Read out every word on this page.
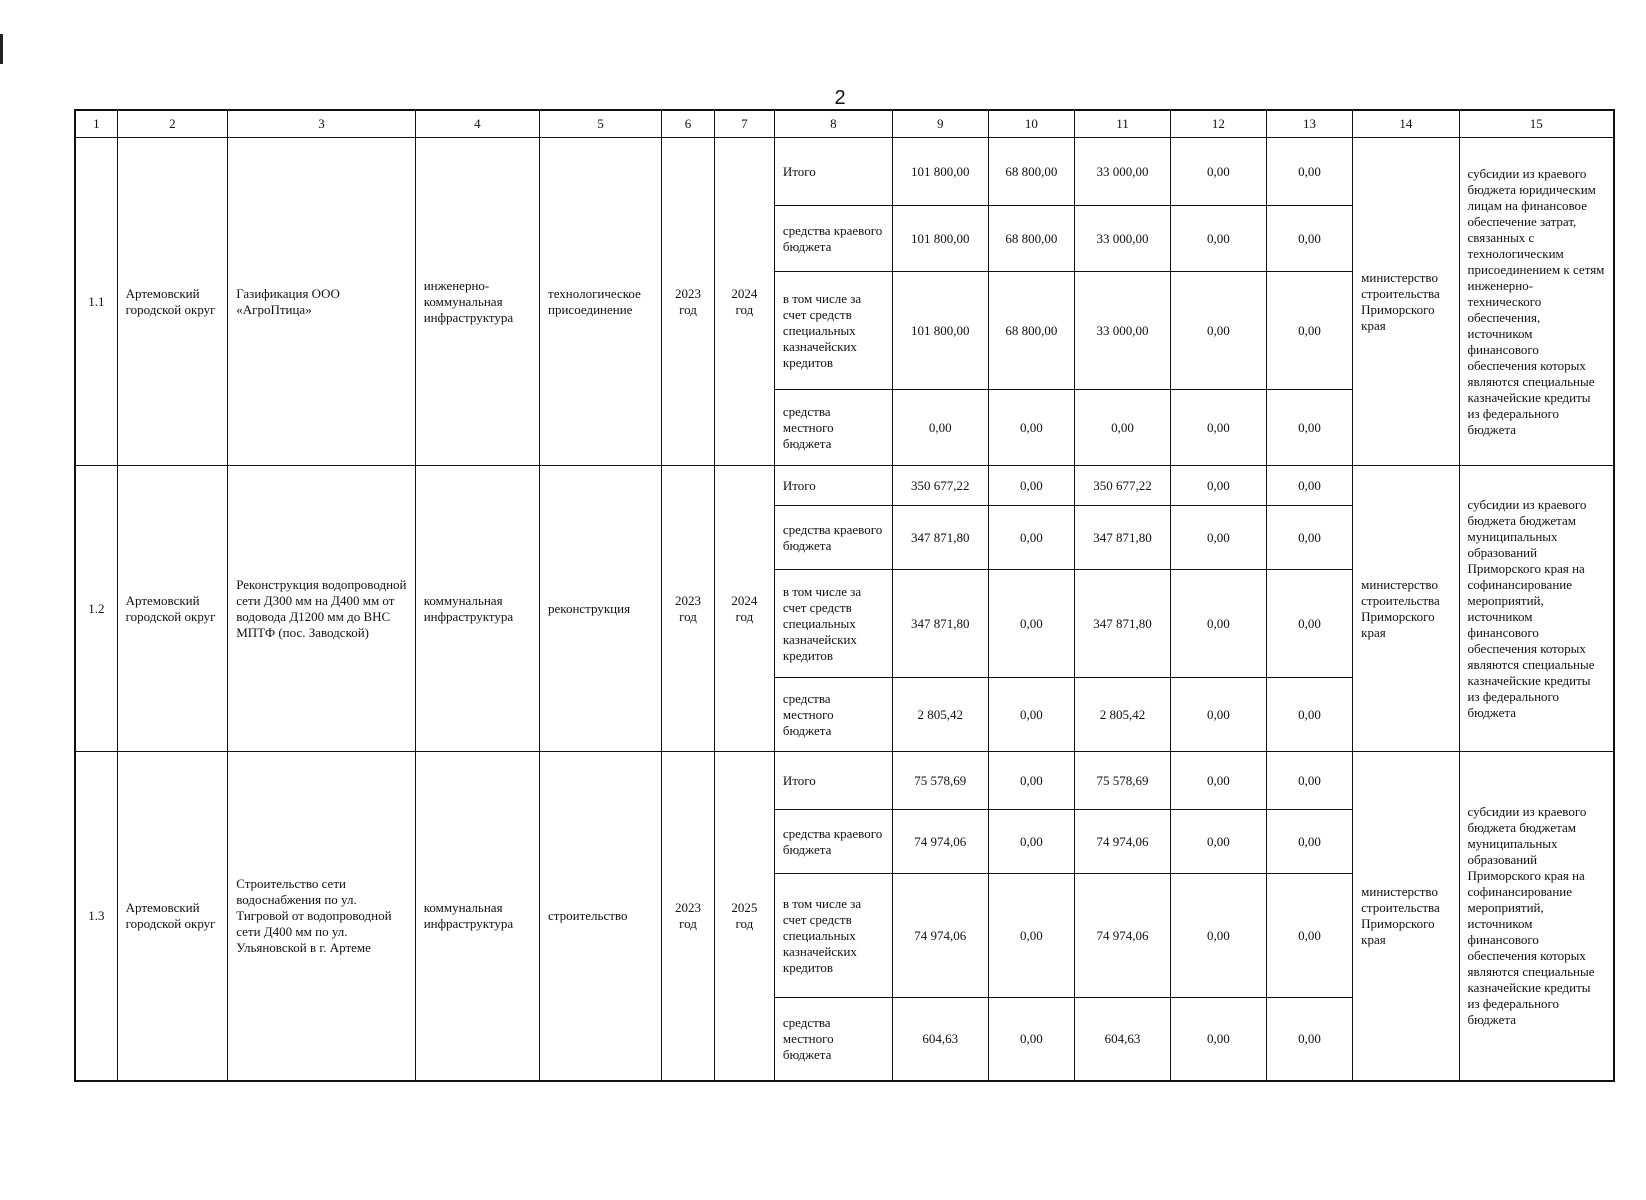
2
1	2	3	4	5	6	7	8	9	10	11	12	13	14	15
1.1	Артемовский городской округ	Газификация ООО «АгроПтица»	инженерно-коммунальная инфраструктура	технологическое присоединение	2023 год	2024 год	Итого	101 800,00	68 800,00	33 000,00	0,00	0,00	министерство строительства Приморского края	субсидии из краевого бюджета юридическим лицам на финансовое обеспечение затрат, связанных с технологическим присоединением к сетям инженерно-технического обеспечения, источником финансового обеспечения которых являются специальные казначейские кредиты из федерального бюджета
							средства краевого бюджета	101 800,00	68 800,00	33 000,00	0,00	0,00		
							в том числе за счет средств специальных казначейских кредитов	101 800,00	68 800,00	33 000,00	0,00	0,00		
							средства местного бюджета	0,00	0,00	0,00	0,00	0,00		
1.2	Артемовский городской округ	Реконструкция водопроводной сети Д300 мм на Д400 мм от водовода Д1200 мм до ВНС МПТФ (пос. Заводской)	коммунальная инфраструктура	реконструкция	2023 год	2024 год	Итого	350 677,22	0,00	350 677,22	0,00	0,00	министерство строительства Приморского края	субсидии из краевого бюджета бюджетам муниципальных образований Приморского края на софинансирование мероприятий, источником финансового обеспечения которых являются специальные казначейские кредиты из федерального бюджета
							средства краевого бюджета	347 871,80	0,00	347 871,80	0,00	0,00		
							в том числе за счет средств специальных казначейских кредитов	347 871,80	0,00	347 871,80	0,00	0,00		
							средства местного бюджета	2 805,42	0,00	2 805,42	0,00	0,00		
1.3	Артемовский городской округ	Строительство сети водоснабжения по ул. Тигровой от водопроводной сети Д400 мм по ул. Ульяновской в г. Артеме	коммунальная инфраструктура	строительство	2023 год	2025 год	Итого	75 578,69	0,00	75 578,69	0,00	0,00	министерство строительства Приморского края	субсидии из краевого бюджета бюджетам муниципальных образований Приморского края на софинансирование мероприятий, источником финансового обеспечения которых являются специальные казначейские кредиты из федерального бюджета
							средства краевого бюджета	74 974,06	0,00	74 974,06	0,00	0,00		
							в том числе за счет средств специальных казначейских кредитов	74 974,06	0,00	74 974,06	0,00	0,00		
							средства местного бюджета	604,63	0,00	604,63	0,00	0,00		
